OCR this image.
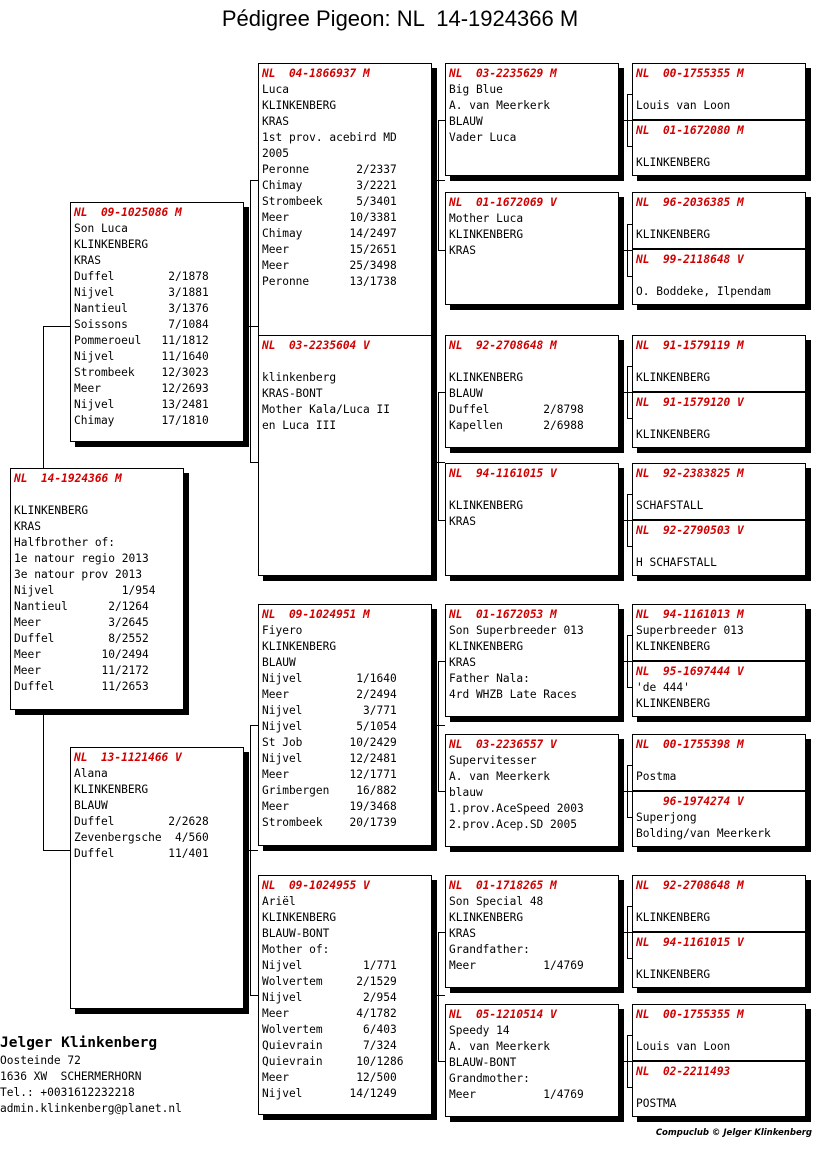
Pédigree Pigeon: NL  14-1924366 M
NL  14-1924366 M
KLINKENBERG
KRAS
Halfbrother of:
1e natour regio 2013
3e natour prov 2013
Nijvel          1/954
Nantieul      2/1264
Meer          3/2645
Duffel        8/2552
Meer         10/2494
Meer         11/2172
Duffel       11/2653
NL  09-1025086 M
Son Luca
KLINKENBERG
KRAS
Duffel        2/1878
Nijvel        3/1881
Nantieul      3/1376
Soissons      7/1084
Pommeroeul   11/1812
Nijvel       11/1640
Strombeek    12/3023
Meer         12/2693
Nijvel       13/2481
Chimay       17/1810
NL  13-1121466 V
Alana
KLINKENBERG
BLAUW
Duffel        2/2628
Zevenbergsche  4/560
Duffel        11/401
NL  04-1866937 M
Luca
KLINKENBERG
KRAS
1st prov. acebird MD
2005
Peronne       2/2337
Chimay        3/2221
Strombeek     5/3401
Meer         10/3381
Chimay       14/2497
Meer         15/2651
Meer         25/3498
Peronne      13/1738
NL  03-2235604 V
klinkenberg
KRAS-BONT
Mother Kala/Luca II
en Luca III
NL  09-1024951 M
Fiyero
KLINKENBERG
BLAUW
Nijvel        1/1640
Meer          2/2494
Nijvel         3/771
Nijvel        5/1054
St Job       10/2429
Nijvel       12/2481
Meer         12/1771
Grimbergen    16/882
Meer         19/3468
Strombeek    20/1739
NL  09-1024955 V
Ariël
KLINKENBERG
BLAUW-BONT
Mother of:
Nijvel         1/771
Wolvertem     2/1529
Nijvel         2/954
Meer          4/1782
Wolvertem      6/403
Quievrain      7/324
Quievrain     10/1286
Meer          12/500
Nijvel       14/1249
NL  03-2235629 M
Big Blue
A. van Meerkerk
BLAUW
Vader Luca
NL  01-1672069 V
Mother Luca
KLINKENBERG
KRAS
NL  92-2708648 M
KLINKENBERG
BLAUW
Duffel        2/8798
Kapellen      2/6988
NL  94-1161015 V
KLINKENBERG
KRAS
NL  01-1672053 M
Son Superbreeder 013
KLINKENBERG
KRAS
Father Nala:
4rd WHZB Late Races
NL  03-2236557 V
Supervitesser
A. van Meerkerk
blauw
1.prov.AceSpeed 2003
2.prov.Acep.SD 2005
NL  01-1718265 M
Son Special 48
KLINKENBERG
KRAS
Grandfather:
Meer          1/4769
NL  05-1210514 V
Speedy 14
A. van Meerkerk
BLAUW-BONT
Grandmother:
Meer          1/4769
NL  00-1755355 M
Louis van Loon
NL  01-1672080 M
KLINKENBERG
NL  96-2036385 M
KLINKENBERG
NL  99-2118648 V
O. Boddeke, Ilpendam
NL  91-1579119 M
KLINKENBERG
NL  91-1579120 V
KLINKENBERG
NL  92-2383825 M
SCHAFSTALL
NL  92-2790503 V
H SCHAFSTALL
NL  94-1161013 M
Superbreeder 013
KLINKENBERG
NL  95-1697444 V
'de 444'
KLINKENBERG
NL  00-1755398 M
Postma
96-1974274 V
Superjong
Bolding/van Meerkerk
NL  92-2708648 M
KLINKENBERG
NL  94-1161015 V
KLINKENBERG
NL  00-1755355 M
Louis van Loon
NL  02-2211493
POSTMA
Jelger Klinkenberg
Oosteinde 72
1636 XW  SCHERMERHORN
Tel.: +0031612232218
admin.klinkenberg@planet.nl
Compuclub © Jelger Klinkenberg
